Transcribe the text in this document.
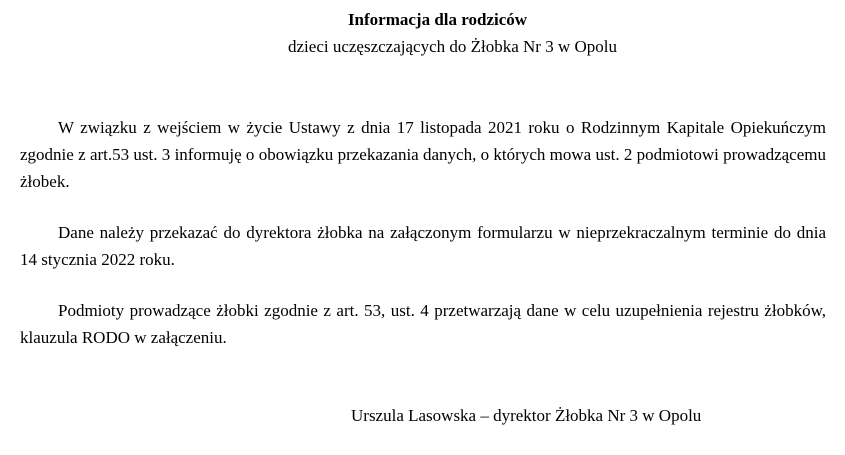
Informacja dla rodziców
dzieci uczęszczających do Żłobka Nr 3 w Opolu

W związku z wejściem w życie Ustawy z dnia 17 listopada 2021 roku o Rodzinnym Kapitale Opiekuńczym zgodnie z art.53 ust. 3 informuję o obowiązku przekazania danych, o których mowa ust. 2 podmiotowi prowadzącemu żłobek.

Dane należy przekazać do dyrektora żłobka na załączonym formularzu w nieprzekraczalnym terminie do dnia 14 stycznia 2022 roku.

Podmioty prowadzące żłobki zgodnie z art. 53, ust. 4 przetwarzają dane w celu uzupełnienia rejestru żłobków, klauzula RODO w załączeniu.

Urszula Lasowska – dyrektor Żłobka Nr 3 w Opolu
